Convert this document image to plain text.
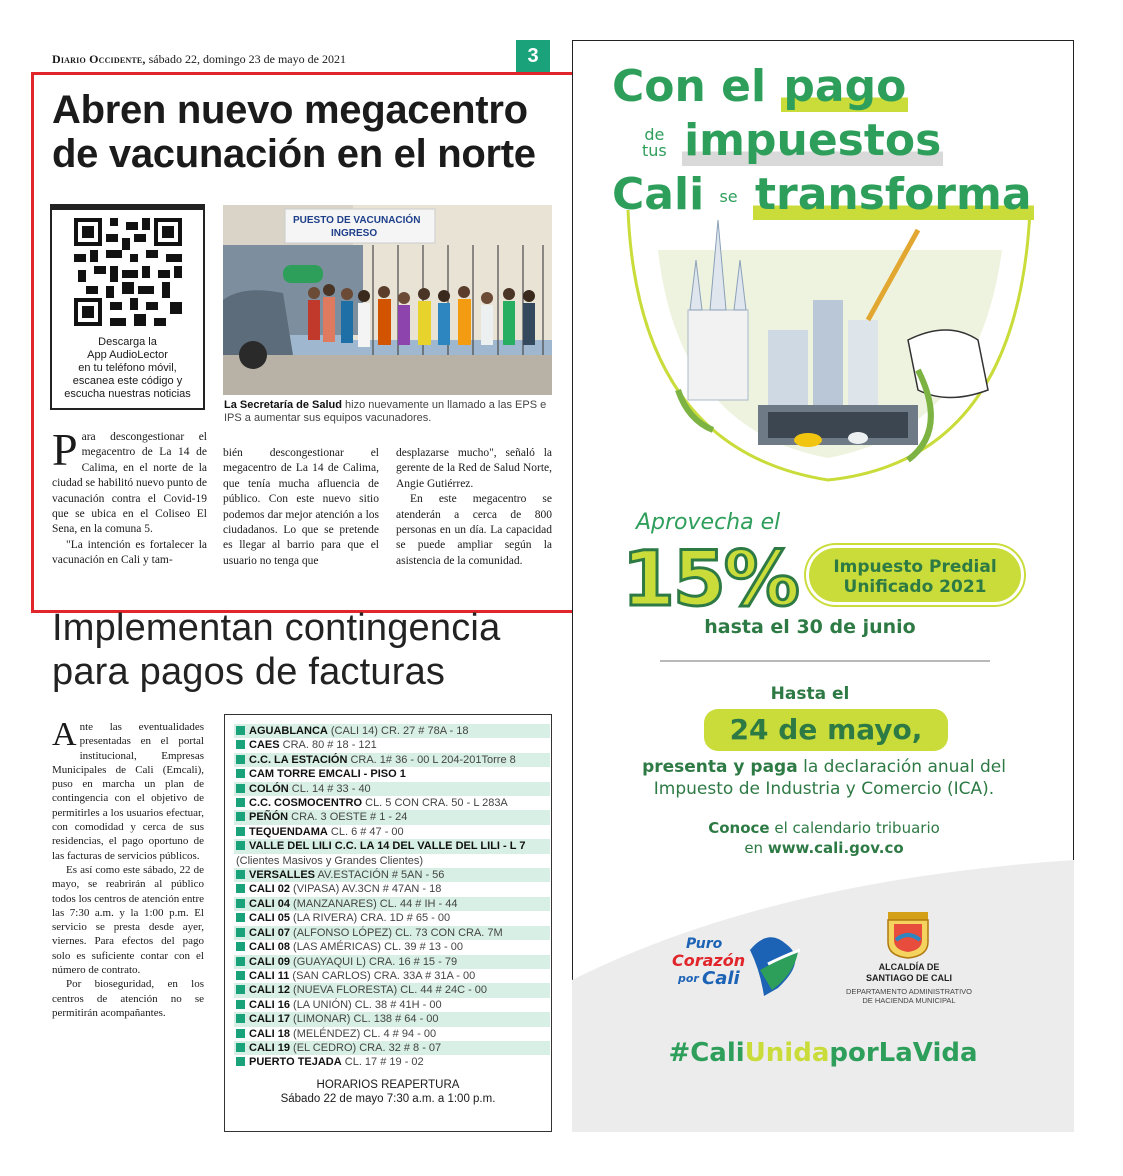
Diario Occidente, sábado 22, domingo 23 de mayo de 2021	3
Abren nuevo megacentro de vacunación en el norte
Descarga la
App AudioLector
en tu teléfono móvil,
escanea este código y
escucha nuestras noticias
PUESTO DE VACUNACIÓN
INGRESO
La Secretaría de Salud hizo nuevamente un llamado a las EPS e IPS a aumentar sus equipos vacunadores.
Para descongestionar el megacentro de La 14 de Calima, en el norte de la ciudad se habilitó nuevo punto de vacunación contra el Covid-19 que se ubica en el Coliseo El Sena, en la comuna 5.
"La intención es fortalecer la vacunación en Cali y tam-
bién descongestionar el megacentro de La 14 de Calima, que tenía mucha afluencia de público. Con este nuevo sitio podemos dar mejor atención a los ciudadanos. Lo que se pretende es llegar al barrio para que el usuario no tenga que
desplazarse mucho", señaló la gerente de la Red de Salud Norte, Angie Gutiérrez.
En este megacentro se atenderán a cerca de 800 personas en un día. La capacidad se puede ampliar según la asistencia de la comunidad.
Implementan contingencia para pagos de facturas
Ante las eventualidades presentadas en el portal institucional, Empresas Municipales de Cali (Emcali), puso en marcha un plan de contingencia con el objetivo de permitirles a los usuarios efectuar, con comodidad y cerca de sus residencias, el pago oportuno de las facturas de servicios públicos.
Es así como este sábado, 22 de mayo, se reabrirán al público todos los centros de atención entre las 7:30 a.m. y la 1:00 p.m. El servicio se presta desde ayer, viernes. Para efectos del pago solo es suficiente contar con el número de contrato.
Por bioseguridad, en los centros de atención no se permitirán acompañantes.
AGUABLANCA (CALI 14) CR. 27 # 78A - 18
CAES CRA. 80 # 18 - 121
C.C. LA ESTACIÓN CRA. 1# 36 - 00 L 204-201Torre 8
CAM TORRE EMCALI - PISO 1
COLÓN CL. 14 # 33 - 40
C.C. COSMOCENTRO CL. 5 CON CRA. 50 - L 283A
PEÑÓN CRA. 3 OESTE # 1 - 24
TEQUENDAMA CL. 6 # 47 - 00
VALLE DEL LILI C.C. LA 14 DEL VALLE DEL LILI - L 7
(Clientes Masivos y Grandes Clientes)
VERSALLES AV.ESTACIÓN # 5AN - 56
CALI 02 (VIPASA) AV.3CN # 47AN - 18
CALI 04 (MANZANARES) CL. 44 # IH - 44
CALI 05 (LA RIVERA) CRA. 1D # 65 - 00
CALI 07 (ALFONSO LÓPEZ) CL. 73 CON CRA. 7M
CALI 08 (LAS AMÉRICAS) CL. 39 # 13 - 00
CALI 09 (GUAYAQUI L) CRA. 16 # 15 - 79
CALI 11 (SAN CARLOS) CRA. 33A # 31A - 00
CALI 12 (NUEVA FLORESTA) CL. 44 # 24C - 00
CALI 16 (LA UNIÓN) CL. 38 # 41H - 00
CALI 17 (LIMONAR) CL. 138 # 64 - 00
CALI 18 (MELÉNDEZ) CL. 4 # 94 - 00
CALI 19 (EL CEDRO) CRA. 32 # 8 - 07
PUERTO TEJADA CL. 17 # 19 - 02
HORARIOS REAPERTURA
Sábado 22 de mayo 7:30 a.m. a 1:00 p.m.
Con el pago
de
tus impuestos
Cali se transforma
Aprovecha el
15%	Impuesto Predial
Unificado 2021
hasta el 30 de junio
Hasta el
24 de mayo,
presenta y paga la declaración anual del Impuesto de Industria y Comercio (ICA).
Conoce el calendario tribuario
en www.cali.gov.co
Puro
Corazón
por Cali
ALCALDÍA DE
SANTIAGO DE CALI
DEPARTAMENTO ADMINISTRATIVO
DE HACIENDA MUNICIPAL
#CaliUnidaporLaVida
